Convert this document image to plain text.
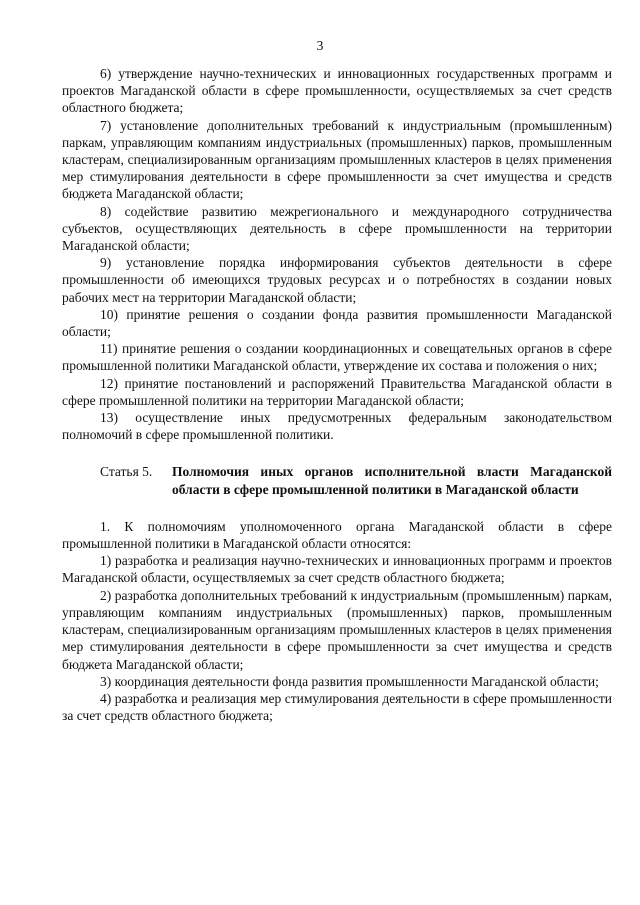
3

6) утверждение научно-технических и инновационных государственных программ и проектов Магаданской области в сфере промышленности, осуществляемых за счет средств областного бюджета;

7) установление дополнительных требований к индустриальным (промышленным) паркам, управляющим компаниям индустриальных (промышленных) парков, промышленным кластерам, специализированным организациям промышленных кластеров в целях применения мер стимулирования деятельности в сфере промышленности за счет имущества и средств бюджета Магаданской области;

8) содействие развитию межрегионального и международного сотрудничества субъектов, осуществляющих деятельность в сфере промышленности на территории Магаданской области;

9) установление порядка информирования субъектов деятельности в сфере промышленности об имеющихся трудовых ресурсах и о потребностях в создании новых рабочих мест на территории Магаданской области;

10) принятие решения о создании фонда развития промышленности Магаданской области;

11) принятие решения о создании координационных и совещательных органов в сфере промышленной политики Магаданской области, утверждение их состава и положения о них;

12) принятие постановлений и распоряжений Правительства Магаданской области в сфере промышленной политики на территории Магаданской области;

13) осуществление иных предусмотренных федеральным законодательством полномочий в сфере промышленной политики.

Статья 5.	Полномочия иных органов исполнительной власти Магаданской области в сфере промышленной политики в Магаданской области

1. К полномочиям уполномоченного органа Магаданской области в сфере промышленной политики в Магаданской области относятся:

1) разработка и реализация научно-технических и инновационных программ и проектов Магаданской области, осуществляемых за счет средств областного бюджета;

2) разработка дополнительных требований к индустриальным (промышленным) паркам, управляющим компаниям индустриальных (промышленных) парков, промышленным кластерам, специализированным организациям промышленных кластеров в целях применения мер стимулирования деятельности в сфере промышленности за счет имущества и средств бюджета Магаданской области;

3) координация деятельности фонда развития промышленности Магаданской области;

4) разработка и реализация мер стимулирования деятельности в сфере промышленности за счет средств областного бюджета;
